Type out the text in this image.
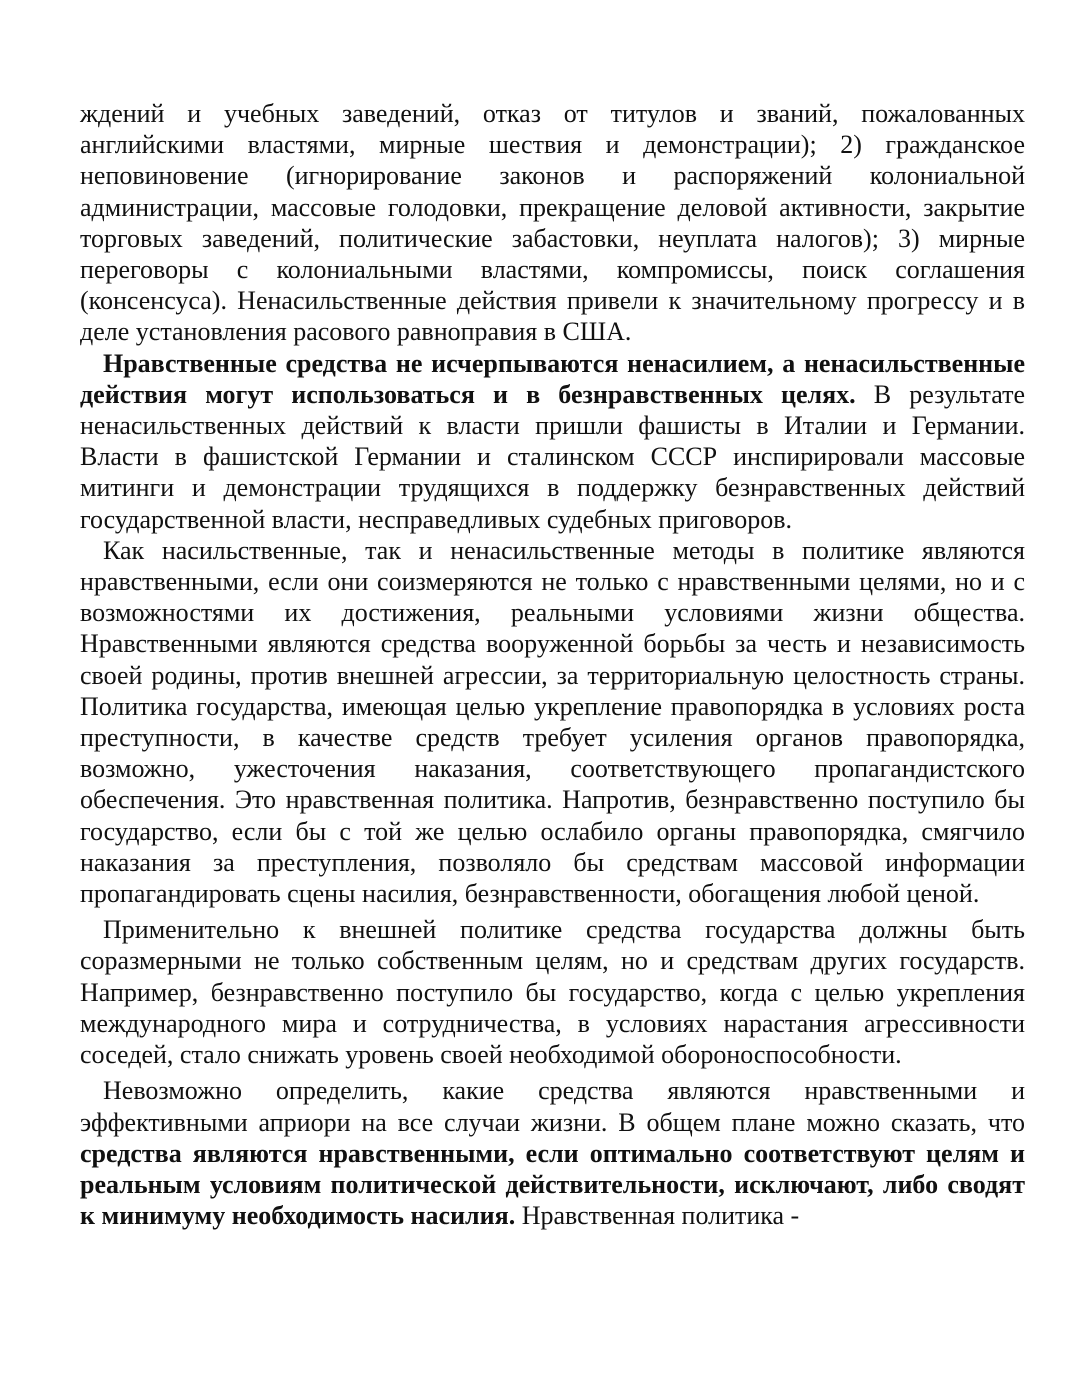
ждений и учебных заведений, отказ от титулов и званий, пожалованных английскими властями, мирные шествия и демонстрации); 2) гражданское неповиновение (игнорирование законов и распоряжений колониальной администрации, массовые голодовки, прекращение деловой активности, закрытие торговых заведений, политические забастовки, неуплата налогов); 3) мирные переговоры с колониальными властями, компромиссы, поиск соглашения (консенсуса). Ненасильственные действия привели к значительному прогрессу и в деле установления расового равноправия в США.

Нравственные средства не исчерпываются ненасилием, а ненасильственные действия могут использоваться и в безнравственных целях. В результате ненасильственных действий к власти пришли фашисты в Италии и Германии. Власти в фашистской Германии и сталинском СССР инспирировали массовые митинги и демонстрации трудящихся в поддержку безнравственных действий государственной власти, несправедливых судебных приговоров.

Как насильственные, так и ненасильственные методы в политике являются нравственными, если они соизмеряются не только с нравственными целями, но и с возможностями их достижения, реальными условиями жизни общества. Нравственными являются средства вооруженной борьбы за честь и независимость своей родины, против внешней агрессии, за территориальную целостность страны. Политика государства, имеющая целью укрепление правопорядка в условиях роста преступности, в качестве средств требует усиления органов правопорядка, возможно, ужесточения наказания, соответствующего пропагандистского обеспечения. Это нравственная политика. Напротив, безнравственно поступило бы государство, если бы с той же целью ослабило органы правопорядка, смягчило наказания за преступления, позволяло бы средствам массовой информации пропагандировать сцены насилия, безнравственности, обогащения любой ценой.

Применительно к внешней политике средства государства должны быть соразмерными не только собственным целям, но и средствам других государств. Например, безнравственно поступило бы государство, когда с целью укрепления международного мира и сотрудничества, в условиях нарастания агрессивности соседей, стало снижать уровень своей необходимой обороноспособности.

Невозможно определить, какие средства являются нравственными и эффективными априори на все случаи жизни. В общем плане можно сказать, что средства являются нравственными, если оптимально соответствуют целям и реальным условиям политической действительности, исключают, либо сводят к минимуму необходимость насилия. Нравственная политика -
